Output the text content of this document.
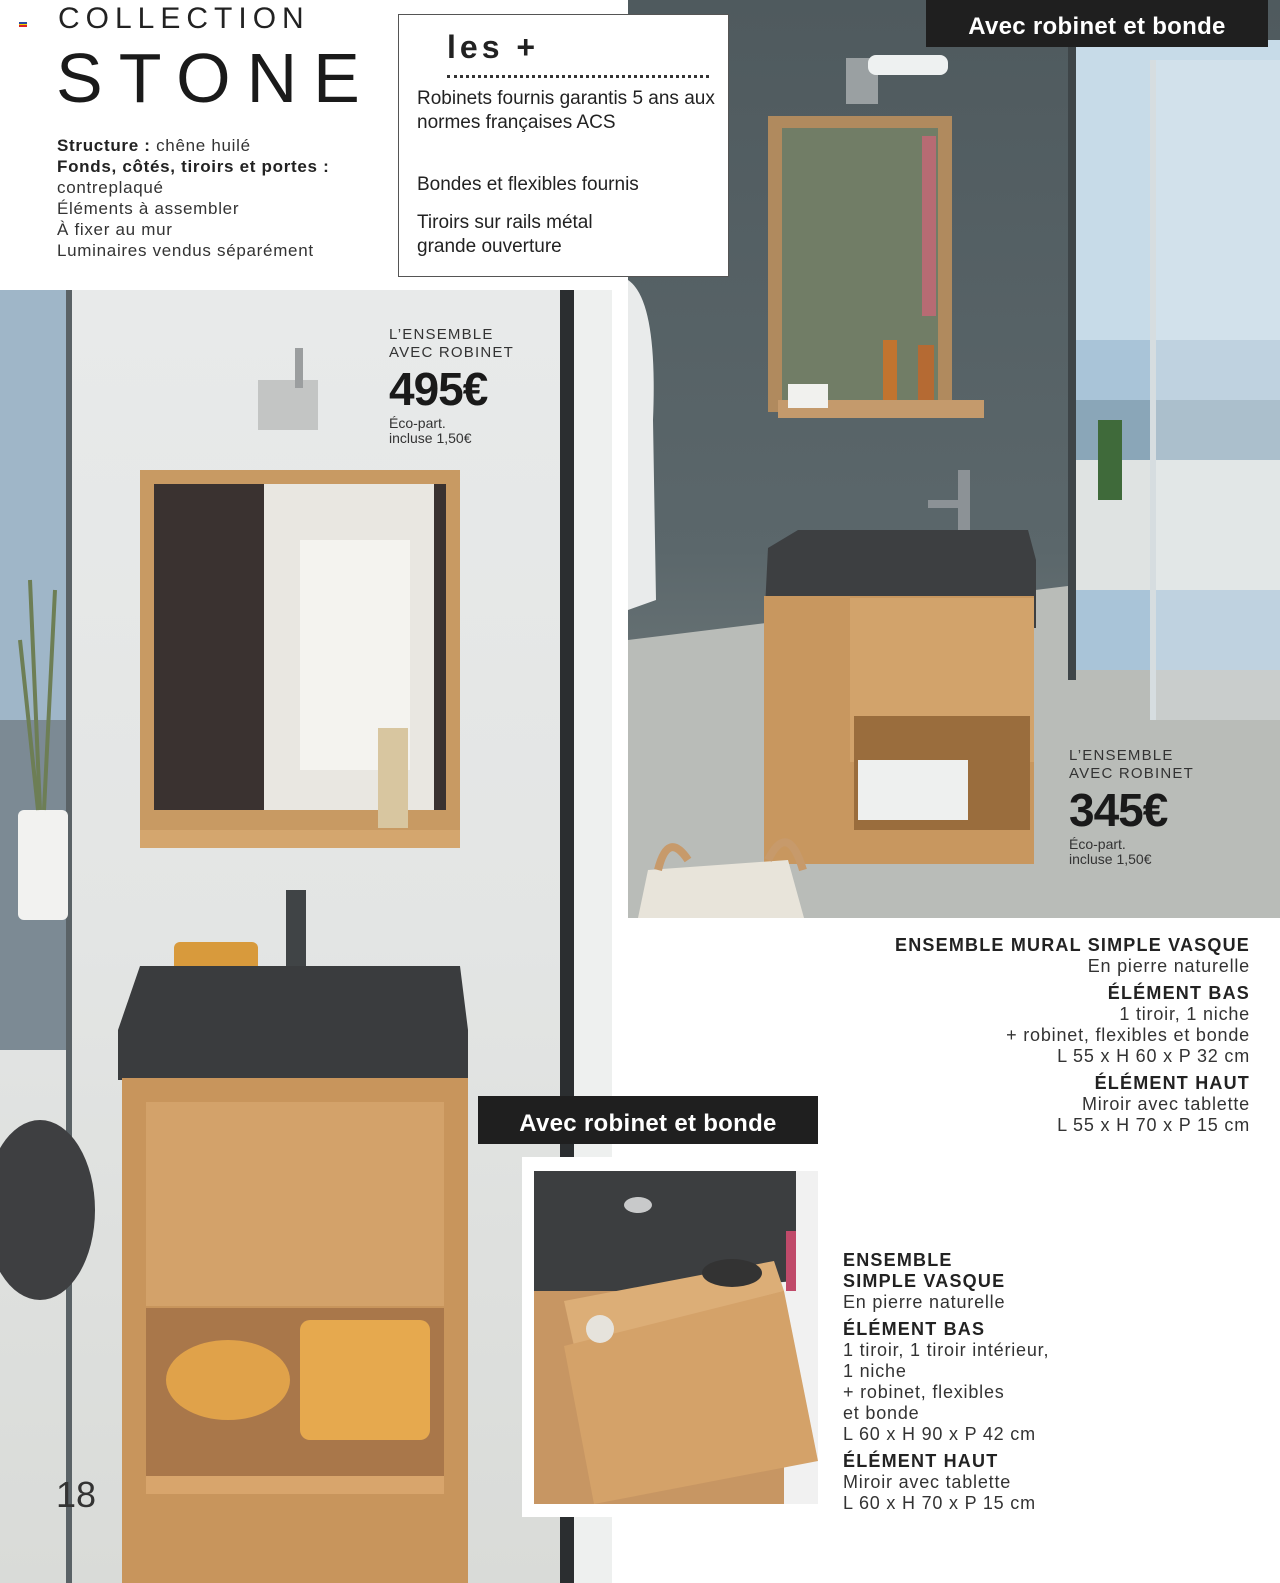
COLLECTION
STONE
Structure : chêne huilé
Fonds, côtés, tiroirs et portes :
contreplaqué
Éléments à assembler
À fixer au mur
Luminaires vendus séparément
les +
Robinets fournis garantis 5 ans aux normes françaises ACS
Bondes et flexibles fournis
Tiroirs sur rails métal grande ouverture
Avec robinet et bonde
Avec robinet et bonde
L’ENSEMBLE
AVEC ROBINET
495€
Éco-part.
incluse 1,50€
L’ENSEMBLE
AVEC ROBINET
345€
Éco-part.
incluse 1,50€
ENSEMBLE MURAL SIMPLE VASQUE
En pierre naturelle
ÉLÉMENT BAS
1 tiroir, 1 niche
+ robinet, flexibles et bonde
L 55 x H 60 x P 32 cm
ÉLÉMENT HAUT
Miroir avec tablette
L 55 x H 70 x P 15 cm
ENSEMBLE
SIMPLE VASQUE
En pierre naturelle
ÉLÉMENT BAS
1 tiroir, 1 tiroir intérieur,
1 niche
+ robinet, flexibles
et bonde
L 60 x H 90 x P 42 cm
ÉLÉMENT HAUT
Miroir avec tablette
L 60 x H 70 x P 15 cm
18
